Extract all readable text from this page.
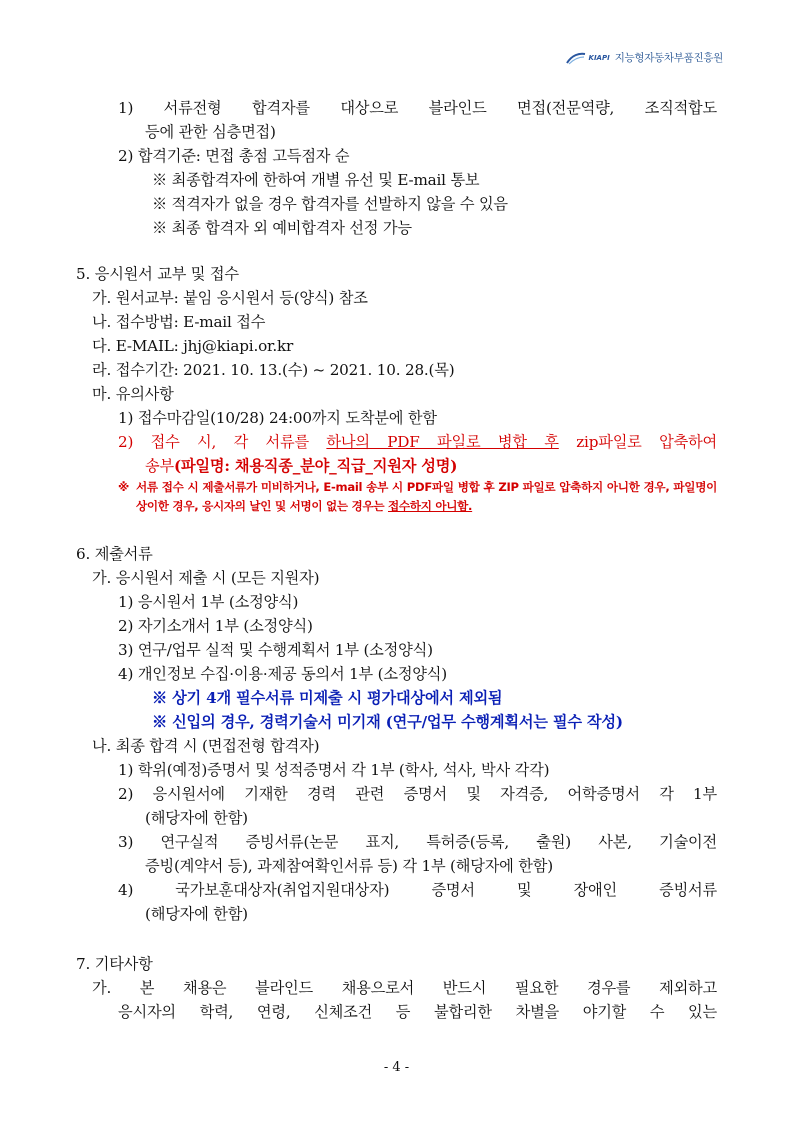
KIAPI 지능형자동차부품진흥원
1) 서류전형 합격자를 대상으로 블라인드 면접(전문역량, 조직적합도
등에 관한 심층면접)
2) 합격기준: 면접 총점 고득점자 순
※ 최종합격자에 한하여 개별 유선 및 E-mail 통보
※ 적격자가 없을 경우 합격자를 선발하지 않을 수 있음
※ 최종 합격자 외 예비합격자 선정 가능
5. 응시원서 교부 및 접수
가. 원서교부: 붙임 응시원서 등(양식) 참조
나. 접수방법: E-mail 접수
다. E-MAIL: jhj@kiapi.or.kr
라. 접수기간: 2021. 10. 13.(수) ~ 2021. 10. 28.(목)
마. 유의사항
1) 접수마감일(10/28) 24:00까지 도착분에 한함
2) 접수 시, 각 서류를 하나의 PDF 파일로 병합 후 zip파일로 압축하여
송부(파일명: 채용직종_분야_직급_지원자 성명)
※ 서류 접수 시 제출서류가 미비하거나, E-mail 송부 시 PDF파일 병합 후 ZIP 파일로 압축하지 아니한 경우, 파일명이 상이한 경우, 응시자의 날인 및 서명이 없는 경우는 접수하지 아니함.
6. 제출서류
가. 응시원서 제출 시 (모든 지원자)
1) 응시원서 1부 (소정양식)
2) 자기소개서 1부 (소정양식)
3) 연구/업무 실적 및 수행계획서 1부 (소정양식)
4) 개인정보 수집·이용·제공 동의서 1부 (소정양식)
※ 상기 4개 필수서류 미제출 시 평가대상에서 제외됨
※ 신입의 경우, 경력기술서 미기재 (연구/업무 수행계획서는 필수 작성)
나. 최종 합격 시 (면접전형 합격자)
1) 학위(예정)증명서 및 성적증명서 각 1부 (학사, 석사, 박사 각각)
2) 응시원서에 기재한 경력 관련 증명서 및 자격증, 어학증명서 각 1부
(해당자에 한함)
3) 연구실적 증빙서류(논문 표지, 특허증(등록, 출원) 사본, 기술이전
증빙(계약서 등), 과제참여확인서류 등) 각 1부 (해당자에 한함)
4) 국가보훈대상자(취업지원대상자) 증명서 및 장애인 증빙서류
(해당자에 한함)
7. 기타사항
가. 본 채용은 블라인드 채용으로서 반드시 필요한 경우를 제외하고
응시자의 학력, 연령, 신체조건 등 불합리한 차별을 야기할 수 있는
- 4 -
